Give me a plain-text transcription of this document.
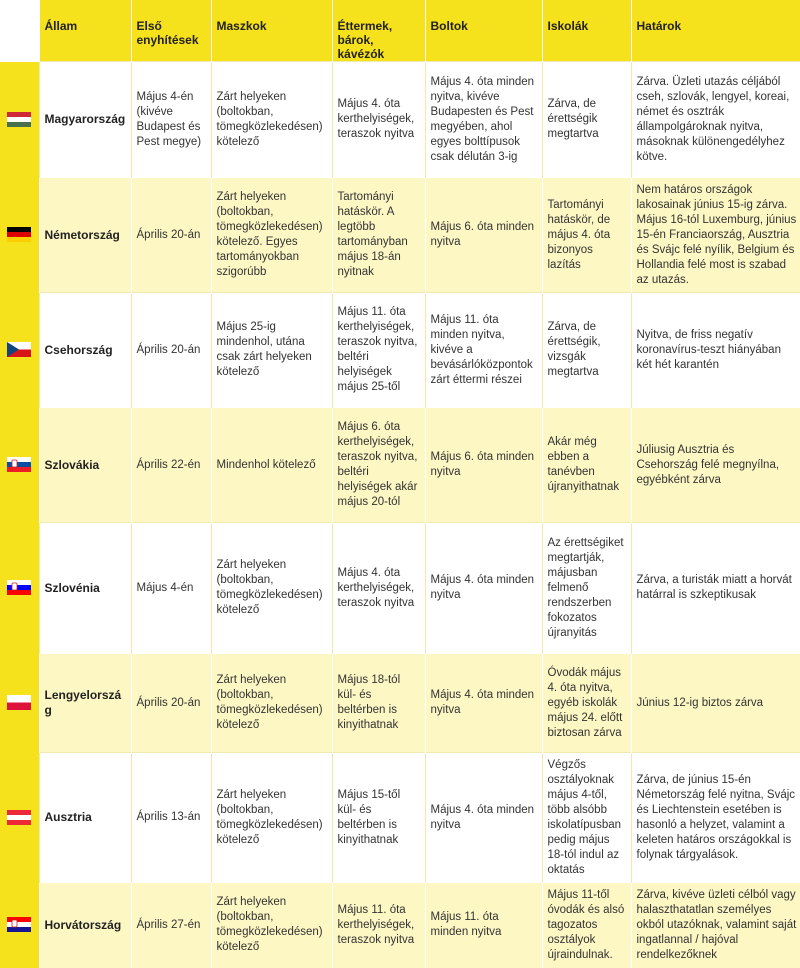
	Állam	Első enyhítések	Maszkok	Éttermek, bárok, kávézók	Boltok	Iskolák	Határok
	Magyarország	Május 4-én (kivéve Budapest és Pest megye)	Zárt helyeken (boltokban, tömegközlekedésen) kötelező	Május 4. óta kerthelyiségek, teraszok nyitva	Május 4. óta minden nyitva, kivéve Budapesten és Pest megyében, ahol egyes bolttípusok csak délután 3-ig	Zárva, de érettségik megtartva	Zárva. Üzleti utazás céljából cseh, szlovák, lengyel, koreai, német és osztrák állampolgároknak nyitva, másoknak különengedélyhez kötve.
	Németország	Április 20-án	Zárt helyeken (boltokban, tömegközlekedésen) kötelező. Egyes tartományokban szigorúbb	Tartományi hatáskör. A legtöbb tartományban május 18-án nyitnak	Május 6. óta minden nyitva	Tartományi hatáskör, de május 4. óta bizonyos lazítás	Nem határos országok lakosainak június 15-ig zárva. Május 16-tól Luxemburg, június 15-én Franciaország, Ausztria és Svájc felé nyílik, Belgium és Hollandia felé most is szabad az utazás.
	Csehország	Április 20-án	Május 25-ig mindenhol, utána csak zárt helyeken kötelező	Május 11. óta kerthelyiségek, teraszok nyitva, beltéri helyiségek május 25-től	Május 11. óta minden nyitva, kivéve a bevásárlóközpontok zárt éttermi részei	Zárva, de érettségik, vizsgák megtartva	Nyitva, de friss negatív koronavírus-teszt hiányában két hét karantén
	Szlovákia	Április 22-én	Mindenhol kötelező	Május 6. óta kerthelyiségek, teraszok nyitva, beltéri helyiségek akár május 20-tól	Május 6. óta minden nyitva	Akár még ebben a tanévben újranyithatnak	Júliusig Ausztria és Csehország felé megnyílna, egyébként zárva
	Szlovénia	Május 4-én	Zárt helyeken (boltokban, tömegközlekedésen) kötelező	Május 4. óta kerthelyiségek, teraszok nyitva	Május 4. óta minden nyitva	Az érettségiket megtartják, májusban felmenő rendszerben fokozatos újranyitás	Zárva, a turisták miatt a horvát határral is szkeptikusak
	Lengyelország	Április 20-án	Zárt helyeken (boltokban, tömegközlekedésen) kötelező	Május 18-tól kül- és beltérben is kinyithatnak	Május 4. óta minden nyitva	Óvodák május 4. óta nyitva, egyéb iskolák május 24. előtt biztosan zárva	Június 12-ig biztos zárva
	Ausztria	Április 13-án	Zárt helyeken (boltokban, tömegközlekedésen) kötelező	Május 15-től kül- és beltérben is kinyithatnak	Május 4. óta minden nyitva	Végzős osztályoknak május 4-től, több alsóbb iskolatípusban pedig május 18-tól indul az oktatás	Zárva, de június 15-én Németország felé nyitna, Svájc és Liechtenstein esetében is hasonló a helyzet, valamint a keleten határos országokkal is folynak tárgyalások.
	Horvátország	Április 27-én	Zárt helyeken (boltokban, tömegközlekedésen) kötelező	Május 11. óta kerthelyiségek, teraszok nyitva	Május 11. óta minden nyitva	Május 11-től óvodák és alsó tagozatos osztályok újraindulnak.	Zárva, kivéve üzleti célból vagy halaszthatatlan személyes okból utazóknak, valamint saját ingatlannal / hajóval rendelkezőknek
